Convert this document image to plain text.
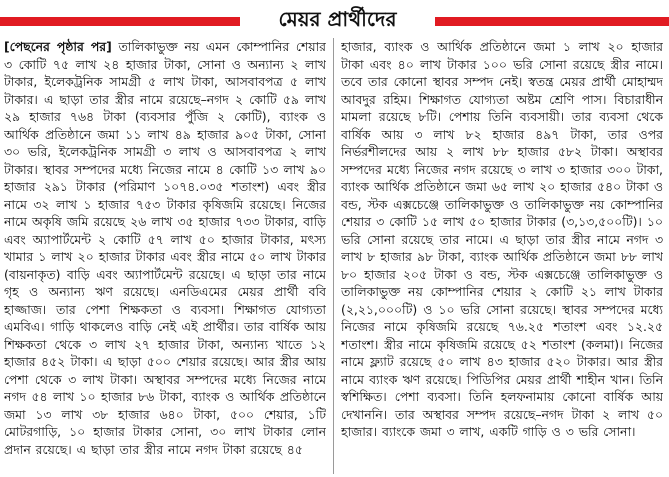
মেয়র প্রার্থীদের
[পেছনের পৃষ্ঠার পর] তালিকাভুক্ত নয় এমন কোম্পানির শেয়ার ৩ কোটি ৭৫ লাখ ২৪ হাজার টাকা, সোনা ও অন্যান্য ২ লাখ টাকার, ইলেকট্রনিক সামগ্রী ৫ লাখ টাকা, আসবাবপত্র ৫ লাখ টাকার। এ ছাড়া তার স্ত্রীর নামে রয়েছে–নগদ ২ কোটি ৫৯ লাখ ২৯ হাজার ৭৬৪ টাকা (ব্যবসার পুঁজি ২ কোটি), ব্যাংক ও আর্থিক প্রতিষ্ঠানে জমা ১১ লাখ ৪৯ হাজার ৯০৫ টাকা, সোনা ৩০ ভরি, ইলেকট্রনিক সামগ্রী ৩ লাখ ও আসবাবপত্র ২ লাখ টাকার। স্থাবর সম্পদের মধ্যে নিজের নামে ৪ কোটি ১৩ লাখ ৯০ হাজার ২৯১ টাকার (পরিমাণ ১০৭৪.০৩৫ শতাংশ) এবং স্ত্রীর নামে ৩২ লাখ ১ হাজার ৭৫৩ টাকার কৃষিজমি রয়েছে। নিজের নামে অকৃষি জমি রয়েছে ২৬ লাখ ৩৫ হাজার ৭৩৩ টাকার, বাড়ি এবং অ্যাপার্টমেন্ট ২ কোটি ৫৭ লাখ ৫০ হাজার টাকার, মৎস্য খামার ১ লাখ ২০ হাজার টাকার এবং স্ত্রীর নামে ৫০ লাখ টাকার (বায়নাকৃত) বাড়ি এবং অ্যাপার্টমেন্ট রয়েছে। এ ছাড়া তার নামে গৃহ ও অন্যান্য ঋণ রয়েছে। এনডিএমের মেয়র প্রার্থী ববি হাজ্জাজ। তার পেশা শিক্ষকতা ও ব্যবসা। শিক্ষাগত যোগ্যতা এমবিএ। গাড়ি থাকলেও বাড়ি নেই এই প্রার্থীর। তার বার্ষিক আয় শিক্ষকতা থেকে ৩ লাখ ২৭ হাজার টাকা, অন্যান্য খাতে ১২ হাজার ৪৫২ টাকা। এ ছাড়া ৫০০ শেয়ার রয়েছে। আর স্ত্রীর আয় পেশা থেকে ৩ লাখ টাকা। অস্থাবর সম্পদের মধ্যে নিজের নামে নগদ ৫৪ লাখ ১০ হাজার ৮৬ টাকা, ব্যাংক ও আর্থিক প্রতিষ্ঠানে জমা ১৩ লাখ ৩৮ হাজার ৬৪০ টাকা, ৫০০ শেয়ার, ১টি মোটরগাড়ি, ১০ হাজার টাকার সোনা, ৩০ লাখ টাকার লোন প্রদান রয়েছে। এ ছাড়া তার স্ত্রীর নামে নগদ টাকা রয়েছে ৪৫
হাজার, ব্যাংক ও আর্থিক প্রতিষ্ঠানে জমা ১ লাখ ২০ হাজার টাকা এবং ৪০ লাখ টাকার ১০০ ভরি সোনা রয়েছে স্ত্রীর নামে। তবে তার কোনো স্থাবর সম্পদ নেই। স্বতন্ত্র মেয়র প্রার্থী মোহাম্মদ আবদুর রহিম। শিক্ষাগত যোগ্যতা অষ্টম শ্রেণি পাস। বিচারাধীন মামলা রয়েছে ৮টি। পেশায় তিনি ব্যবসায়ী। তার ব্যবসা থেকে বার্ষিক আয় ৩ লাখ ৮২ হাজার ৪৯৭ টাকা, তার ওপর নির্ভরশীলদের আয় ২ লাখ ৮৮ হাজার ৫৮২ টাকা। অস্থাবর সম্পদের মধ্যে নিজের নগদ রয়েছে ৩ লাখ ৩ হাজার ৩০০ টাকা, ব্যাংক আর্থিক প্রতিষ্ঠানে জমা ৬৫ লাখ ২০ হাজার ৫৪০ টাকা ও বন্ড, স্টক এক্সচেঞ্জে তালিকাভুক্ত ও তালিকাভুক্ত নয় কোম্পানির শেয়ার ৩ কোটি ১৫ লাখ ৫০ হাজার টাকার (৩,১৩,৫০০টি)। ১০ ভরি সোনা রয়েছে তার নামে। এ ছাড়া তার স্ত্রীর নামে নগদ ৩ লাখ ৮ হাজার ৯৮ টাকা, ব্যাংক আর্থিক প্রতিষ্ঠানে জমা ৮৮ লাখ ৮০ হাজার ২০৫ টাকা ও বন্ড, স্টক এক্সচেঞ্জে তালিকাভুক্ত ও তালিকাভুক্ত নয় কোম্পানির শেয়ার ২ কোটি ২১ লাখ টাকার (২,২১,০০০টি) ও ১০ ভরি সোনা রয়েছে। স্থাবর সম্পদের মধ্যে নিজের নামে কৃষিজমি রয়েছে ৭৬.২৫ শতাংশ এবং ১২.২৫ শতাংশ। স্ত্রীর নামে কৃষিজমি রয়েছে ৫২ শতাংশ (কলমা)। নিজের নামে ফ্ল্যাট রয়েছে ৫০ লাখ ৪৩ হাজার ৫২০ টাকার। আর স্ত্রীর নামে ব্যাংক ঋণ রয়েছে। পিডিপির মেয়র প্রার্থী শাহীন খান। তিনি স্বশিক্ষিত। পেশা ব্যবসা। তিনি হলফনামায় কোনো বার্ষিক আয় দেখাননি। তার অস্থাবর সম্পদ রয়েছে–নগদ টাকা ২ লাখ ৫০ হাজার। ব্যাংকে জমা ৩ লাখ, একটি গাড়ি ও ৩ ভরি সোনা।
